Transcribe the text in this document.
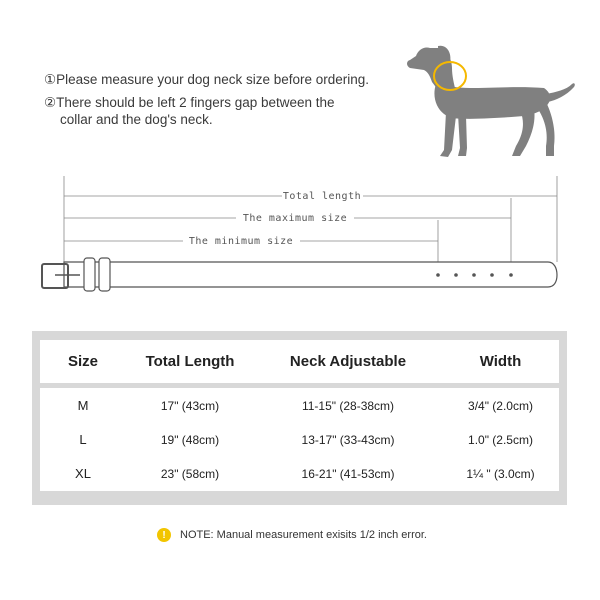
①Please measure your dog neck size before ordering.
②There should be left 2 fingers gap between the
collar and the dog's neck.
Total length
The maximum size
The minimum size
Size	Total Length	Neck Adjustable	Width
M	17" (43cm)	11-15" (28-38cm)	3/4" (2.0cm)
L	19" (48cm)	13-17" (33-43cm)	1.0" (2.5cm)
XL	23" (58cm)	16-21" (41-53cm)	1¼ " (3.0cm)
!	NOTE: Manual measurement exisits 1/2 inch error.
